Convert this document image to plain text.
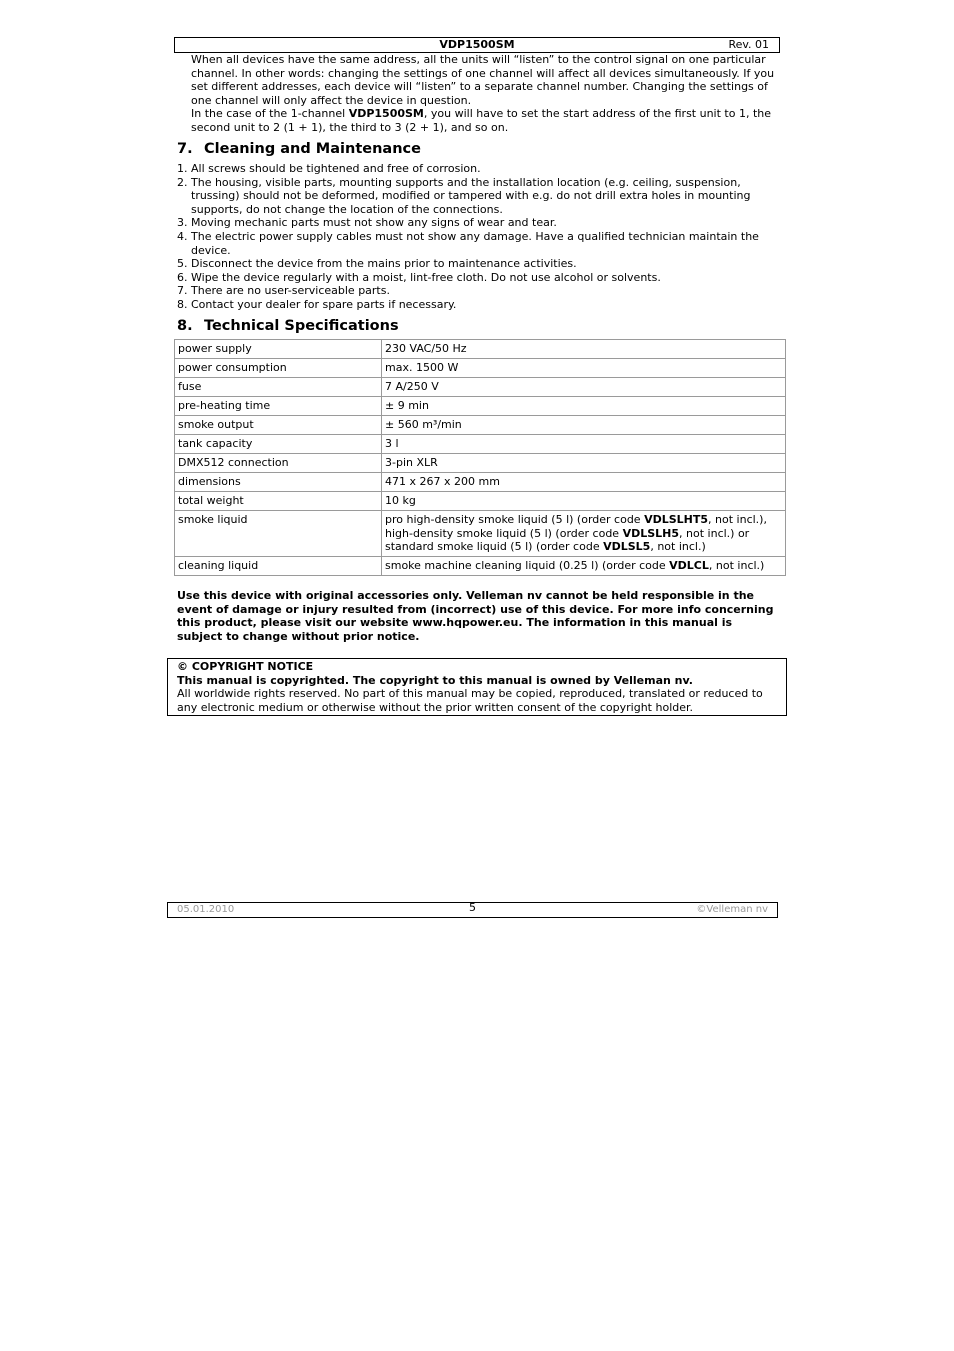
VDP1500SM	Rev. 01

When all devices have the same address, all the units will “listen” to the control signal on one particular channel. In other words: changing the settings of one channel will affect all devices simultaneously. If you set different addresses, each device will “listen” to a separate channel number. Changing the settings of one channel will only affect the device in question.

In the case of the 1-channel VDP1500SM, you will have to set the start address of the first unit to 1, the second unit to 2 (1 + 1), the third to 3 (2 + 1), and so on.

7. Cleaning and Maintenance
1. All screws should be tightened and free of corrosion.
2. The housing, visible parts, mounting supports and the installation location (e.g. ceiling, suspension, trussing) should not be deformed, modified or tampered with e.g. do not drill extra holes in mounting supports, do not change the location of the connections.
3. Moving mechanic parts must not show any signs of wear and tear.
4. The electric power supply cables must not show any damage. Have a qualified technician maintain the device.
5. Disconnect the device from the mains prior to maintenance activities.
6. Wipe the device regularly with a moist, lint-free cloth. Do not use alcohol or solvents.
7. There are no user-serviceable parts.
8. Contact your dealer for spare parts if necessary.
8. Technical Specifications
power supply	230 VAC/50 Hz
power consumption	max. 1500 W
fuse	7 A/250 V
pre-heating time	± 9 min
smoke output	± 560 m³/min
tank capacity	3 l
DMX512 connection	3-pin XLR
dimensions	471 x 267 x 200 mm
total weight	10 kg
smoke liquid	pro high-density smoke liquid (5 l) (order code VDLSLHT5, not incl.), high-density smoke liquid (5 l) (order code VDLSLH5, not incl.) or standard smoke liquid (5 l) (order code VDLSL5, not incl.)
cleaning liquid	smoke machine cleaning liquid (0.25 l) (order code VDLCL, not incl.)

Use this device with original accessories only. Velleman nv cannot be held responsible in the event of damage or injury resulted from (incorrect) use of this device. For more info concerning this product, please visit our website www.hqpower.eu. The information in this manual is subject to change without prior notice.

© COPYRIGHT NOTICE

This manual is copyrighted. The copyright to this manual is owned by Velleman nv.

All worldwide rights reserved. No part of this manual may be copied, reproduced, translated or reduced to any electronic medium or otherwise without the prior written consent of the copyright holder.

05.01.2010	5	©Velleman nv
